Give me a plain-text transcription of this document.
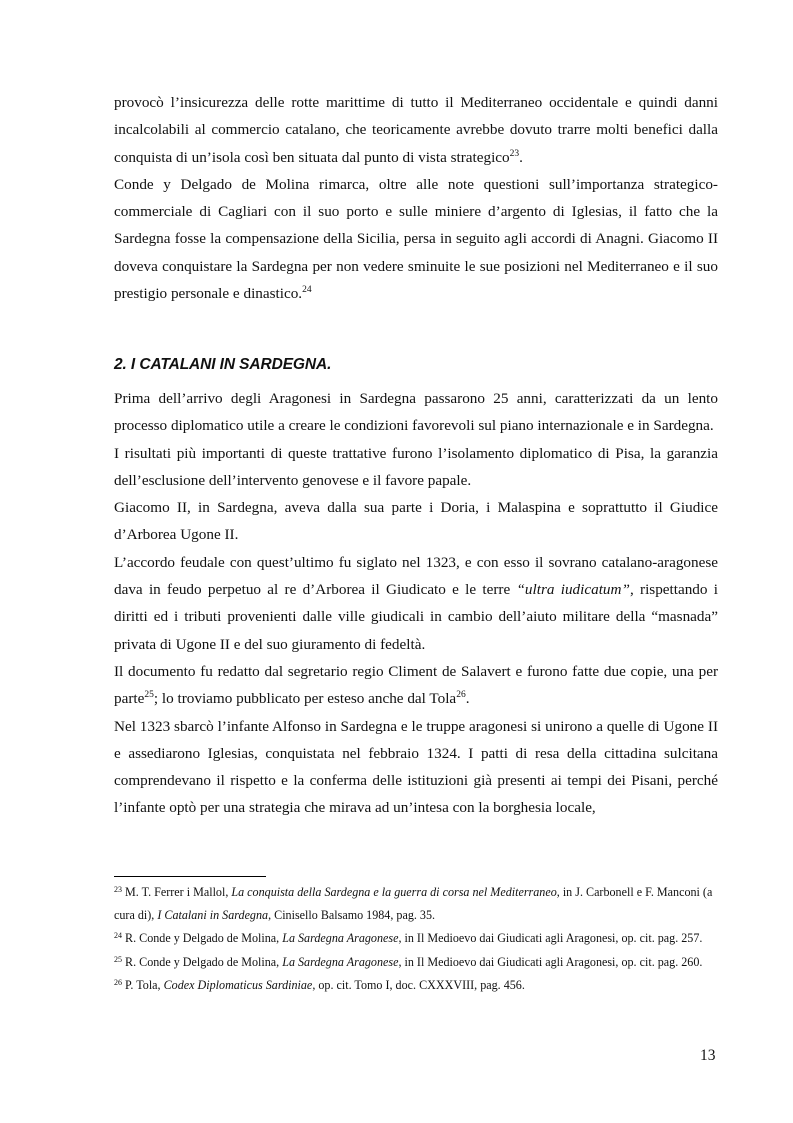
provocò l’insicurezza delle rotte marittime di tutto il Mediterraneo occidentale e quindi danni incalcolabili al commercio catalano, che teoricamente avrebbe dovuto trarre molti benefici dalla conquista di un’isola così ben situata dal punto di vista strategico$^{23}$.

Conde y Delgado de Molina rimarca, oltre alle note questioni sull’importanza strategico-commerciale di Cagliari con il suo porto e sulle miniere d’argento di Iglesias, il fatto che la Sardegna fosse la compensazione della Sicilia, persa in seguito agli accordi di Anagni. Giacomo II doveva conquistare la Sardegna per non vedere sminuite le sue posizioni nel Mediterraneo e il suo prestigio personale e dinastico.$^{24}$

2. I CATALANI IN SARDEGNA.

Prima dell’arrivo degli Aragonesi in Sardegna passarono 25 anni, caratterizzati da un lento processo diplomatico utile a creare le condizioni favorevoli sul piano internazionale e in Sardegna.

I risultati più importanti di queste trattative furono l’isolamento diplomatico di Pisa, la garanzia dell’esclusione dell’intervento genovese e il favore papale.

Giacomo II, in Sardegna, aveva dalla sua parte i Doria, i Malaspina e soprattutto il Giudice d’Arborea Ugone II.

L’accordo feudale con quest’ultimo fu siglato nel 1323, e con esso il sovrano catalano-aragonese dava in feudo perpetuo al re d’Arborea il Giudicato e le terre “ultra iudicatum”, rispettando i diritti ed i tributi provenienti dalle ville giudicali in cambio dell’aiuto militare della “masnada” privata di Ugone II e del suo giuramento di fedeltà.

Il documento fu redatto dal segretario regio Climent de Salavert e furono fatte due copie, una per parte$^{25}$; lo troviamo pubblicato per esteso anche dal Tola$^{26}$.

Nel 1323 sbarcò l’infante Alfonso in Sardegna e le truppe aragonesi si unirono a quelle di Ugone II e assediarono Iglesias, conquistata nel febbraio 1324. I patti di resa della cittadina sulcitana comprendevano il rispetto e la conferma delle istituzioni già presenti ai tempi dei Pisani, perché l’infante optò per una strategia che mirava ad un’intesa con la borghesia locale,

$^{23}$ M. T. Ferrer i Mallol, La conquista della Sardegna e la guerra di corsa nel Mediterraneo, in J. Carbonell e F. Manconi (a cura di), I Catalani in Sardegna, Cinisello Balsamo 1984, pag. 35.

$^{24}$ R. Conde y Delgado de Molina, La Sardegna Aragonese, in Il Medioevo dai Giudicati agli Aragonesi, op. cit. pag. 257.

$^{25}$ R. Conde y Delgado de Molina, La Sardegna Aragonese, in Il Medioevo dai Giudicati agli Aragonesi, op. cit. pag. 260.

$^{26}$ P. Tola, Codex Diplomaticus Sardiniae, op. cit. Tomo I, doc. CXXXVIII, pag. 456.

13
